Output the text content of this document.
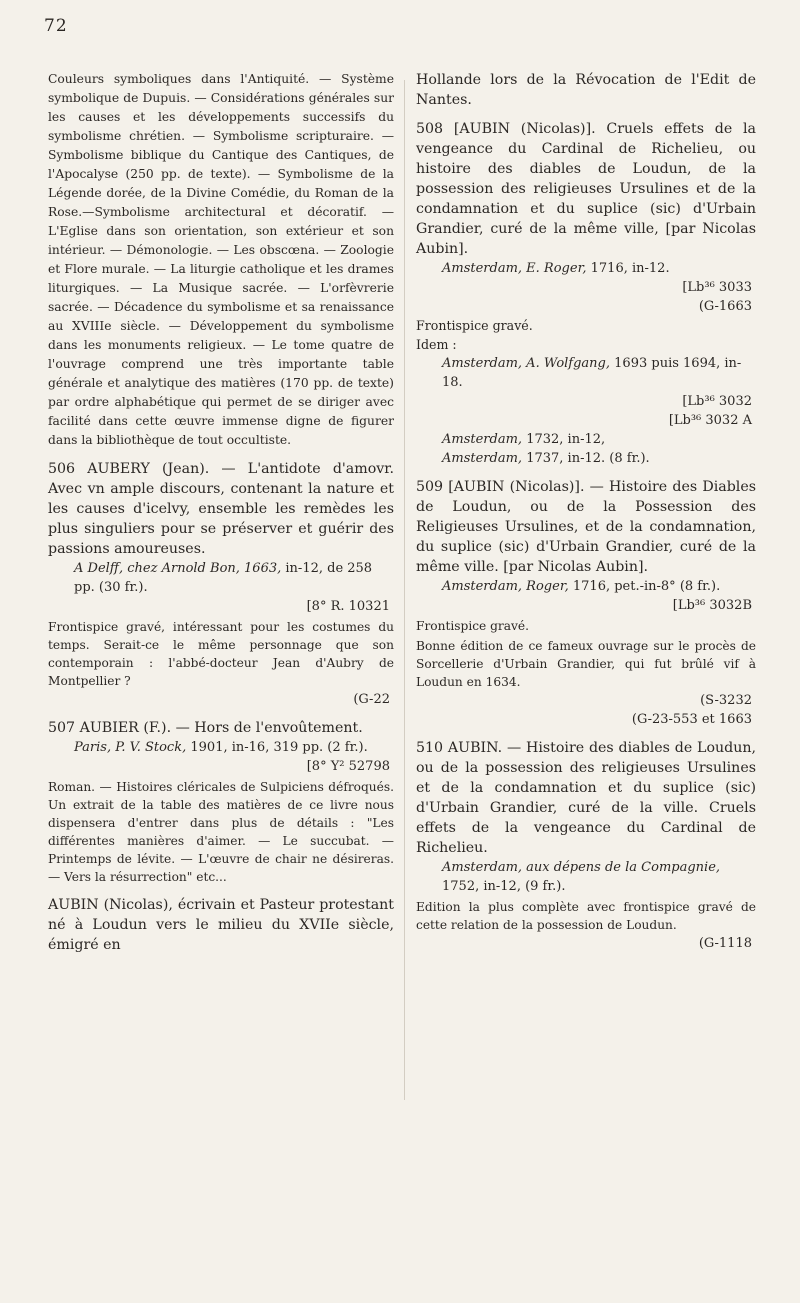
72

Couleurs symboliques dans l'Antiquité. — Système symbolique de Dupuis. — Considérations générales sur les causes et les développements successifs du symbolisme chrétien. — Symbolisme scripturaire. — Symbolisme biblique du Cantique des Cantiques, de l'Apocalyse (250 pp. de texte). — Symbolisme de la Légende dorée, de la Divine Comédie, du Roman de la Rose.—Symbolisme architectural et décoratif. — L'Eglise dans son orientation, son extérieur et son intérieur. — Démonologie. — Les obscœna. — Zoologie et Flore murale. — La liturgie catholique et les drames liturgiques. — La Musique sacrée. — L'orfèvrerie sacrée. — Décadence du symbolisme et sa renaissance au XVIIIe siècle. — Développement du symbolisme dans les monuments religieux. — Le tome quatre de l'ouvrage comprend une très importante table générale et analytique des matières (170 pp. de texte) par ordre alphabétique qui permet de se diriger avec facilité dans cette œuvre immense digne de figurer dans la bibliothèque de tout occultiste.

506 AUBERY (Jean). — L'antidote d'amovr. Avec vn ample discours, contenant la nature et les causes d'icelvy, ensemble les remèdes les plus singuliers pour se préserver et guérir des passions amoureuses.

A Delff, chez Arnold Bon, 1663, in-12, de 258 pp. (30 fr.).

[8° R. 10321

Frontispice gravé, intéressant pour les costumes du temps. Serait-ce le même personnage que son contemporain : l'abbé-docteur Jean d'Aubry de Montpellier ?

(G-22

507 AUBIER (F.). — Hors de l'envoûtement.

Paris, P. V. Stock, 1901, in-16, 319 pp. (2 fr.).

[8° Y² 52798

Roman. — Histoires cléricales de Sulpiciens défroqués. Un extrait de la table des matières de ce livre nous dispensera d'entrer dans plus de détails : "Les différentes manières d'aimer. — Le succubat. — Printemps de lévite. — L'œuvre de chair ne désireras. — Vers la résurrection" etc...

AUBIN (Nicolas), écrivain et Pasteur protestant né à Loudun vers le milieu du XVIIe siècle, émigré en

Hollande lors de la Révocation de l'Edit de Nantes.

508 [AUBIN (Nicolas)]. Cruels effets de la vengeance du Cardinal de Richelieu, ou histoire des diables de Loudun, de la possession des religieuses Ursulines et de la condamnation et du suplice (sic) d'Urbain Grandier, curé de la même ville, [par Nicolas Aubin].

Amsterdam, E. Roger, 1716, in-12.

[Lb³⁶ 3033

(G-1663

Frontispice gravé.

Idem :

Amsterdam, A. Wolfgang, 1693 puis 1694, in-18.

[Lb³⁶ 3032

[Lb³⁶ 3032 A

Amsterdam, 1732, in-12,

Amsterdam, 1737, in-12. (8 fr.).

509 [AUBIN (Nicolas)]. — Histoire des Diables de Loudun, ou de la Possession des Religieuses Ursulines, et de la condamnation, du suplice (sic) d'Urbain Grandier, curé de la même ville. [par Nicolas Aubin].

Amsterdam, Roger, 1716, pet.-in-8° (8 fr.).

[Lb³⁶ 3032B

Frontispice gravé.

Bonne édition de ce fameux ouvrage sur le procès de Sorcellerie d'Urbain Grandier, qui fut brûlé vif à Loudun en 1634.

(S-3232

(G-23-553 et 1663

510 AUBIN. — Histoire des diables de Loudun, ou de la possession des religieuses Ursulines et de la condamnation et du suplice (sic) d'Urbain Grandier, curé de la ville. Cruels effets de la vengeance du Cardinal de Richelieu.

Amsterdam, aux dépens de la Compagnie, 1752, in-12, (9 fr.).

Edition la plus complète avec frontispice gravé de cette relation de la possession de Loudun.

(G-1118
